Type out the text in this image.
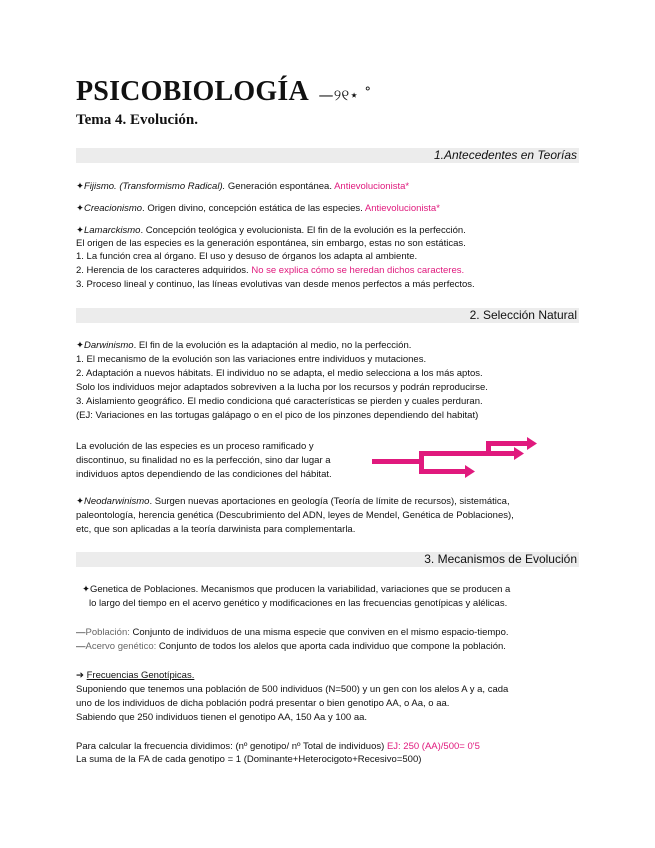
PSICOBIOLOGÍA —୨୧⋆ ˚
Tema 4. Evolución.
1.Antecedentes en Teorías
✦Fijismo. (Transformismo Radical). Generación espontánea. Antievolucionista*
✦Creacionismo. Origen divino, concepción estática de las especies. Antievolucionista*
✦Lamarckismo. Concepción teológica y evolucionista. El fin de la evolución es la perfección.
El origen de las especies es la generación espontánea, sin embargo, estas no son estáticas.
1. La función crea al órgano. El uso y desuso de órganos los adapta al ambiente.
2. Herencia de los caracteres adquiridos. No se explica cómo se heredan dichos caracteres.
3. Proceso lineal y continuo, las líneas evolutivas van desde menos perfectos a más perfectos.
2. Selección Natural
✦Darwinismo. El fin de la evolución es la adaptación al medio, no la perfección.
1. El mecanismo de la evolución son las variaciones entre individuos y mutaciones.
2. Adaptación a nuevos hábitats. El individuo no se adapta, el medio selecciona a los más aptos.
Solo los individuos mejor adaptados sobreviven a la lucha por los recursos y podrán reproducirse.
3. Aislamiento geográfico. El medio condiciona qué características se pierden y cuales perduran.
(EJ: Variaciones en las tortugas galápago o en el pico de los pinzones dependiendo del habitat)
La evolución de las especies es un proceso ramificado y
discontinuo, su finalidad no es la perfección, sino dar lugar a
individuos aptos dependiendo de las condiciones del hábitat.
✦Neodarwinismo. Surgen nuevas aportaciones en geología (Teoría de límite de recursos), sistemática,
paleontología, herencia genética (Descubrimiento del ADN, leyes de Mendel, Genética de Poblaciones),
etc, que son aplicadas a la teoría darwinista para complementarla.
3. Mecanismos de Evolución
✦Genetica de Poblaciones. Mecanismos que producen la variabilidad, variaciones que se producen a
lo largo del tiempo en el acervo genético y modificaciones en las frecuencias genotípicas y alélicas.
—Población: Conjunto de individuos de una misma especie que conviven en el mismo espacio-tiempo.
—Acervo genético: Conjunto de todos los alelos que aporta cada individuo que compone la población.
➔ Frecuencias Genotípicas.
Suponiendo que tenemos una población de 500 individuos (N=500) y un gen con los alelos A y a, cada
uno de los individuos de dicha población podrá presentar o bien genotipo AA, o Aa, o aa.
Sabiendo que 250 individuos tienen el genotipo AA, 150 Aa y 100 aa.
Para calcular la frecuencia dividimos: (nº genotipo/ nº Total de individuos) EJ: 250 (AA)/500= 0'5
La suma de la FA de cada genotipo = 1 (Dominante+Heterocigoto+Recesivo=500)
